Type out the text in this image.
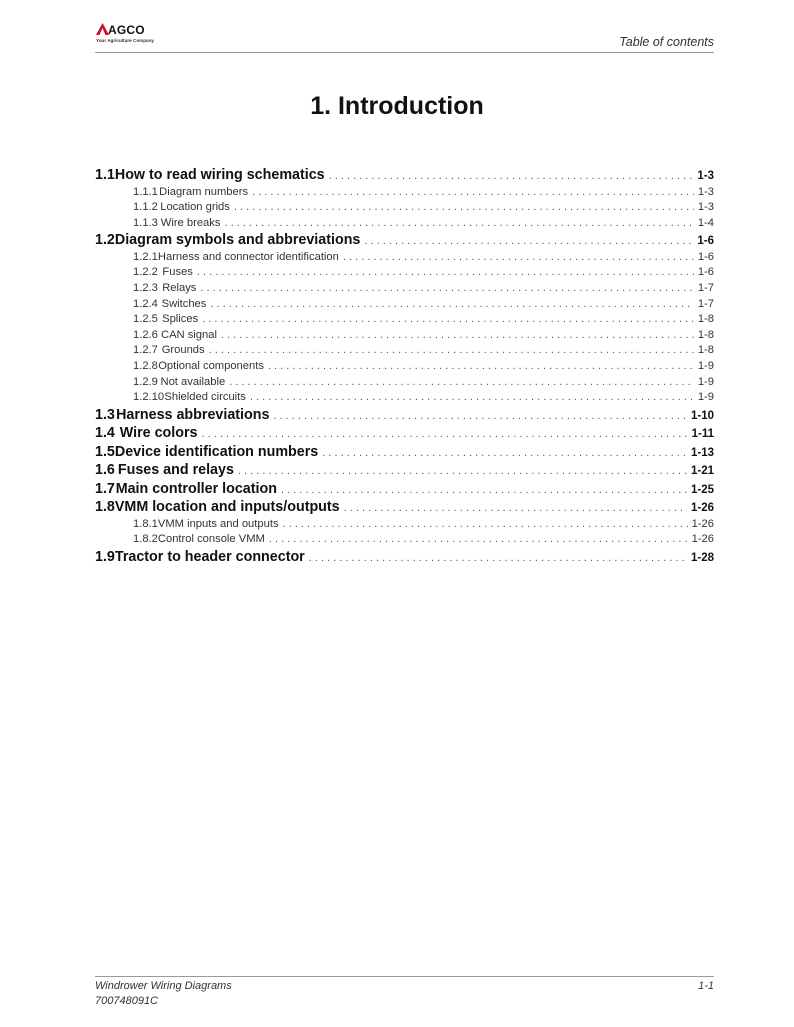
AGCO
Your Agriculture Company	Table of contents
1. Introduction
1.1 How to read wiring schematics . . .	1-3
1.1.1 Diagram numbers . . .	1-3
1.1.2 Location grids . . .	1-3
1.1.3 Wire breaks . . .	1-4
1.2 Diagram symbols and abbreviations . . .	1-6
1.2.1 Harness and connector identification . . .	1-6
1.2.2 Fuses . . .	1-6
1.2.3 Relays . . .	1-7
1.2.4 Switches . . .	1-7
1.2.5 Splices . . .	1-8
1.2.6 CAN signal . . .	1-8
1.2.7 Grounds . . .	1-8
1.2.8 Optional components . . .	1-9
1.2.9 Not available . . .	1-9
1.2.10 Shielded circuits . . .	1-9
1.3 Harness abbreviations . . .	1-10
1.4 Wire colors . . .	1-11
1.5 Device identification numbers . . .	1-13
1.6 Fuses and relays . . .	1-21
1.7 Main controller location . . .	1-25
1.8 VMM location and inputs/outputs . . .	1-26
1.8.1 VMM inputs and outputs . . .	1-26
1.8.2 Control console VMM . . .	1-26
1.9 Tractor to header connector . . .	1-28
Windrower Wiring Diagrams
700748091C
1-1
